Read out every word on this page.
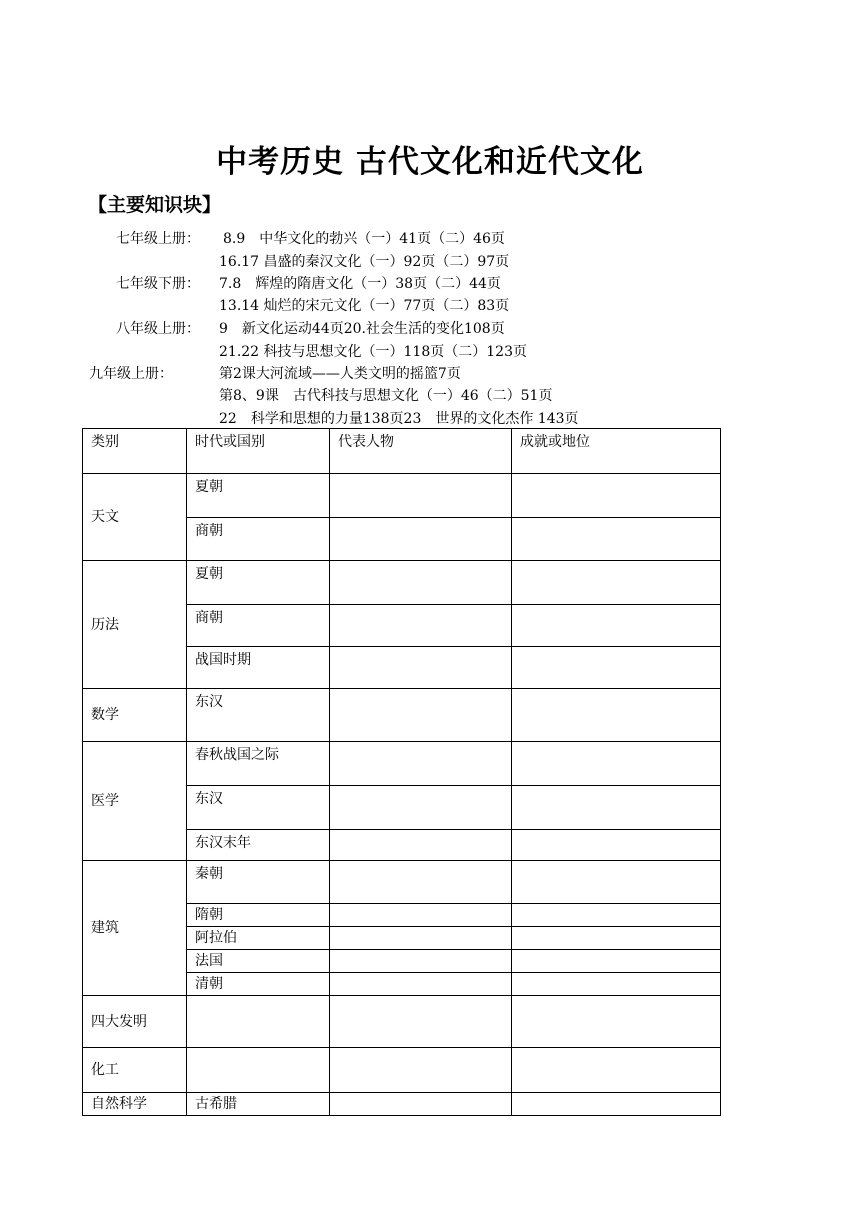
中考历史 古代文化和近代文化
【主要知识块】
七年级上册： 8.9　中华文化的勃兴（一）41页（二）46页
16.17 昌盛的秦汉文化（一）92页（二）97页
七年级下册： 7.8　辉煌的隋唐文化（一）38页（二）44页
13.14 灿烂的宋元文化（一）77页（二）83页
八年级上册： 9　新文化运动44页20.社会生活的变化108页
21.22 科技与思想文化（一）118页（二）123页
九年级上册：	第2课大河流域——人类文明的摇篮7页
第8、9课　古代科技与思想文化（一）46（二）51页
22　科学和思想的力量138页23　世界的文化杰作 143页
类别	时代或国别	代表人物	成就或地位
天文	夏朝		
	商朝		
历法	夏朝		
	商朝		
	战国时期		
数学	东汉		
医学	春秋战国之际		
	东汉		
	东汉末年		
建筑	秦朝		
	隋朝		
	阿拉伯		
	法国		
	清朝		
四大发明			
化工			
自然科学	古希腊		
